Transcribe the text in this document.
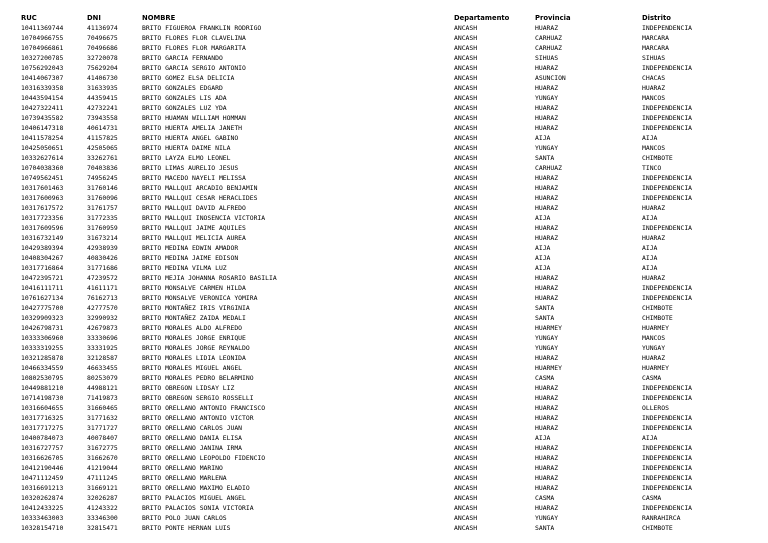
RUC	DNI	NOMBRE	Departamento	Provincia	Distrito
10411369744	41136974	BRITO FIGUEROA FRANKLIN RODRIGO	ANCASH	HUARAZ	INDEPENDENCIA
10704966755	70496675	BRITO FLORES FLOR CLAVELINA	ANCASH	CARHUAZ	MARCARA
10704966861	70496686	BRITO FLORES FLOR MARGARITA	ANCASH	CARHUAZ	MARCARA
10327200785	32720078	BRITO GARCIA FERNANDO	ANCASH	SIHUAS	SIHUAS
10756292043	75629204	BRITO GARCIA SERGIO ANTONIO	ANCASH	HUARAZ	INDEPENDENCIA
10414067307	41406730	BRITO GOMEZ ELSA DELICIA	ANCASH	ASUNCION	CHACAS
10316339358	31633935	BRITO GONZALES EDGARD	ANCASH	HUARAZ	HUARAZ
10443594154	44359415	BRITO GONZALES LIS ADA	ANCASH	YUNGAY	MANCOS
10427322411	42732241	BRITO GONZALES LUZ YDA	ANCASH	HUARAZ	INDEPENDENCIA
10739435582	73943558	BRITO HUAMAN WILLIAM HOMMAN	ANCASH	HUARAZ	INDEPENDENCIA
10406147318	40614731	BRITO HUERTA AMELIA JANETH	ANCASH	HUARAZ	INDEPENDENCIA
10411578254	41157825	BRITO HUERTA ANGEL GABINO	ANCASH	AIJA	AIJA
10425050651	42505065	BRITO HUERTA DAIME NILA	ANCASH	YUNGAY	MANCOS
10332627614	33262761	BRITO LAYZA ELMO LEONEL	ANCASH	SANTA	CHIMBOTE
10704038360	70403836	BRITO LIMAS AURELIO JESUS	ANCASH	CARHUAZ	TINCO
10749562451	74956245	BRITO MACEDO NAYELI MELISSA	ANCASH	HUARAZ	INDEPENDENCIA
10317601463	31760146	BRITO MALLQUI ARCADIO BENJAMIN	ANCASH	HUARAZ	INDEPENDENCIA
10317600963	31760096	BRITO MALLQUI CESAR HERACLIDES	ANCASH	HUARAZ	INDEPENDENCIA
10317617572	31761757	BRITO MALLQUI DAVID ALFREDO	ANCASH	HUARAZ	HUARAZ
10317723356	31772335	BRITO MALLQUI INOSENCIA VICTORIA	ANCASH	AIJA	AIJA
10317609596	31760959	BRITO MALLQUI JAIME AQUILES	ANCASH	HUARAZ	INDEPENDENCIA
10316732149	31673214	BRITO MALLQUI MELICIA AUREA	ANCASH	HUARAZ	HUARAZ
10429389394	42938939	BRITO MEDINA EDWIN AMADOR	ANCASH	AIJA	AIJA
10408304267	40830426	BRITO MEDINA JAIME EDISON	ANCASH	AIJA	AIJA
10317716864	31771686	BRITO MEDINA VILMA LUZ	ANCASH	AIJA	AIJA
10472395721	47239572	BRITO MEJIA JOHANNA ROSARIO BASILIA	ANCASH	HUARAZ	HUARAZ
10416111711	41611171	BRITO MONSALVE CARMEN HILDA	ANCASH	HUARAZ	INDEPENDENCIA
10761627134	76162713	BRITO MONSALVE VERONICA YOMIRA	ANCASH	HUARAZ	INDEPENDENCIA
10427775700	42777570	BRITO MONTAÑEZ IRIS VIRGINIA	ANCASH	SANTA	CHIMBOTE
10329909323	32990932	BRITO MONTAÑEZ ZAIDA MEDALI	ANCASH	SANTA	CHIMBOTE
10426798731	42679873	BRITO MORALES ALDO ALFREDO	ANCASH	HUARMEY	HUARMEY
10333306960	33330696	BRITO MORALES JORGE ENRIQUE	ANCASH	YUNGAY	MANCOS
10333319255	33331925	BRITO MORALES JORGE REYNALDO	ANCASH	YUNGAY	YUNGAY
10321285878	32128587	BRITO MORALES LIDIA LEONIDA	ANCASH	HUARAZ	HUARAZ
10466334559	46633455	BRITO MORALES MIGUEL ANGEL	ANCASH	HUARMEY	HUARMEY
10802530795	80253079	BRITO MORALES PEDRO BELARMINO	ANCASH	CASMA	CASMA
10449881210	44988121	BRITO OBREGON LIDSAY LIZ	ANCASH	HUARAZ	INDEPENDENCIA
10714198730	71419873	BRITO OBREGON SERGIO ROSSELLI	ANCASH	HUARAZ	INDEPENDENCIA
10316604655	31660465	BRITO ORELLANO ANTONIO FRANCISCO	ANCASH	HUARAZ	OLLEROS
10317716325	31771632	BRITO ORELLANO ANTONIO VICTOR	ANCASH	HUARAZ	INDEPENDENCIA
10317717275	31771727	BRITO ORELLANO CARLOS JUAN	ANCASH	HUARAZ	INDEPENDENCIA
10400784073	40078407	BRITO ORELLANO DANIA ELISA	ANCASH	AIJA	AIJA
10316727757	31672775	BRITO ORELLANO JANINA IRMA	ANCASH	HUARAZ	INDEPENDENCIA
10316626705	31662670	BRITO ORELLANO LEOPOLDO FIDENCIO	ANCASH	HUARAZ	INDEPENDENCIA
10412190446	41219044	BRITO ORELLANO MARINO	ANCASH	HUARAZ	INDEPENDENCIA
10471112459	47111245	BRITO ORELLANO MARLENA	ANCASH	HUARAZ	INDEPENDENCIA
10316691213	31669121	BRITO ORELLANO MAXIMO ELADIO	ANCASH	HUARAZ	INDEPENDENCIA
10320262874	32026287	BRITO PALACIOS MIGUEL ANGEL	ANCASH	CASMA	CASMA
10412433225	41243322	BRITO PALACIOS SONIA VICTORIA	ANCASH	HUARAZ	INDEPENDENCIA
10333463003	33346300	BRITO POLO JUAN CARLOS	ANCASH	YUNGAY	RANRAHIRCA
10328154710	32815471	BRITO PONTE HERNAN LUIS	ANCASH	SANTA	CHIMBOTE
